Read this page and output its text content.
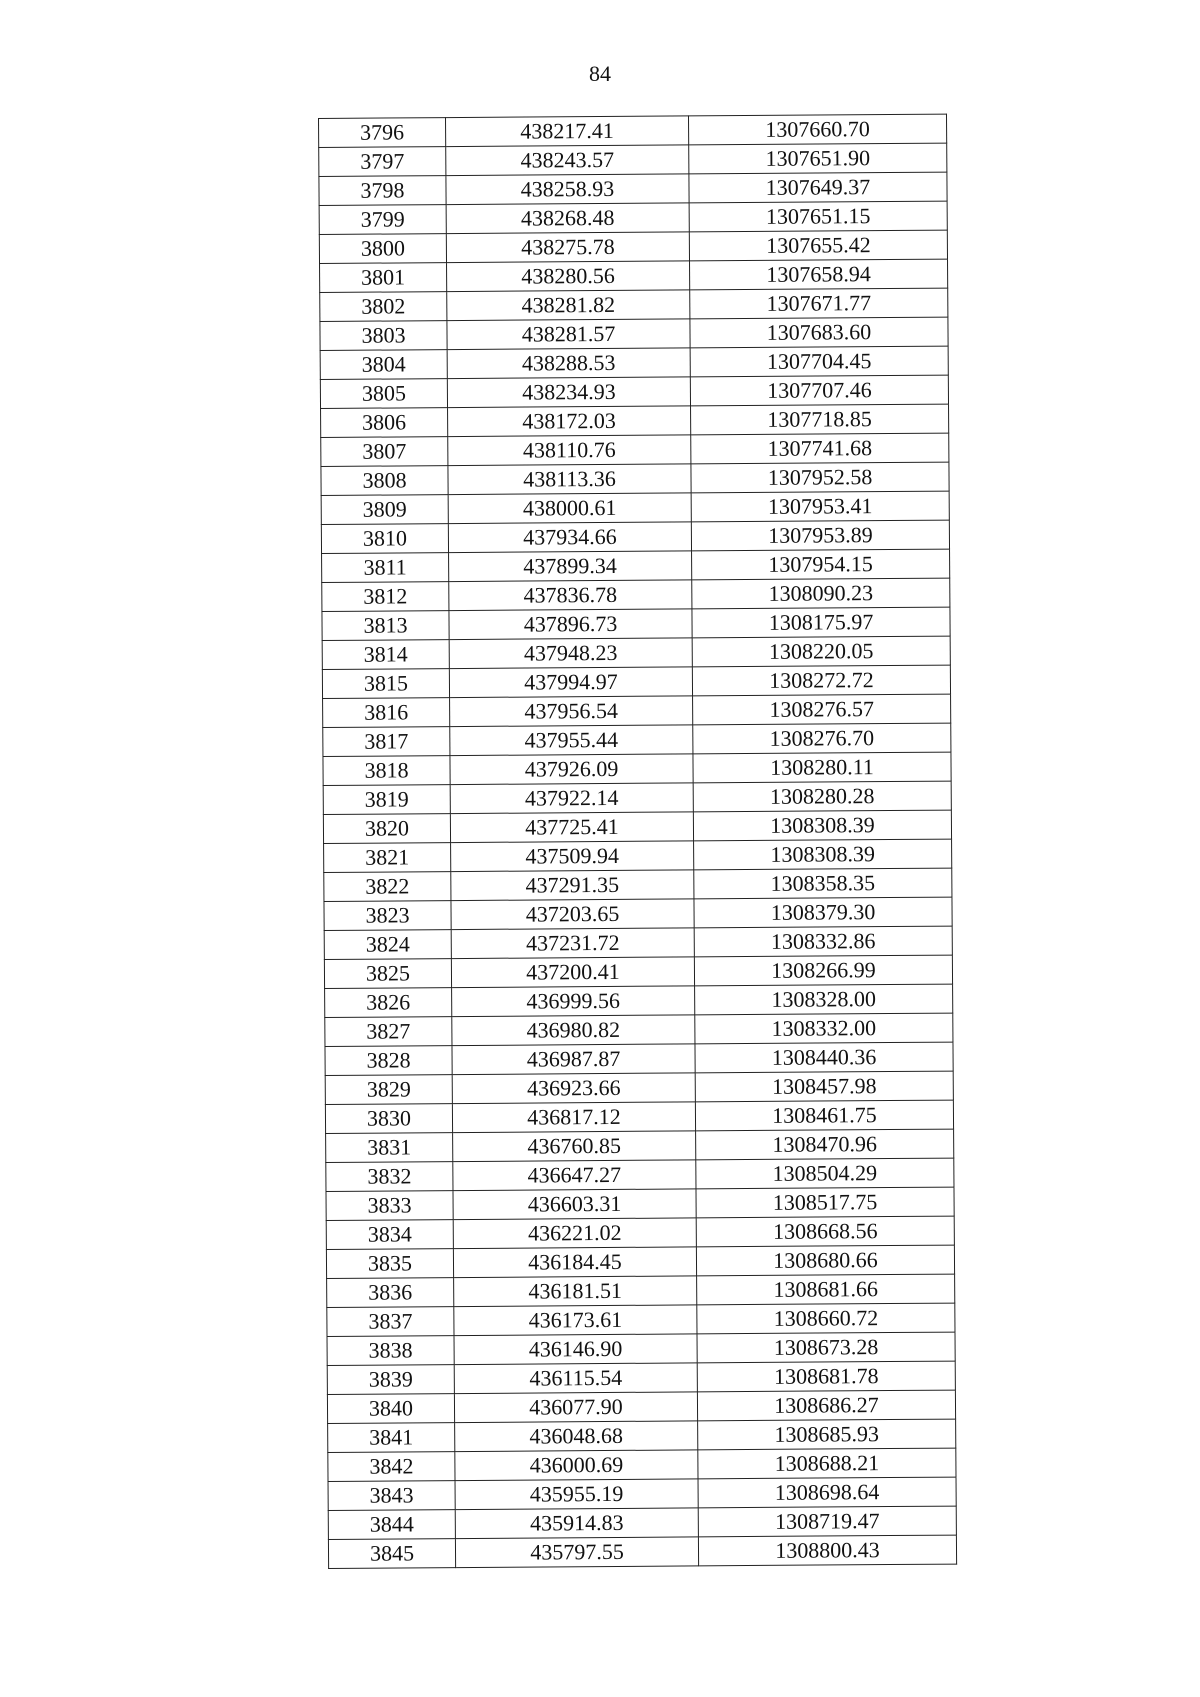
84
3796	438217.41	1307660.70
3797	438243.57	1307651.90
3798	438258.93	1307649.37
3799	438268.48	1307651.15
3800	438275.78	1307655.42
3801	438280.56	1307658.94
3802	438281.82	1307671.77
3803	438281.57	1307683.60
3804	438288.53	1307704.45
3805	438234.93	1307707.46
3806	438172.03	1307718.85
3807	438110.76	1307741.68
3808	438113.36	1307952.58
3809	438000.61	1307953.41
3810	437934.66	1307953.89
3811	437899.34	1307954.15
3812	437836.78	1308090.23
3813	437896.73	1308175.97
3814	437948.23	1308220.05
3815	437994.97	1308272.72
3816	437956.54	1308276.57
3817	437955.44	1308276.70
3818	437926.09	1308280.11
3819	437922.14	1308280.28
3820	437725.41	1308308.39
3821	437509.94	1308308.39
3822	437291.35	1308358.35
3823	437203.65	1308379.30
3824	437231.72	1308332.86
3825	437200.41	1308266.99
3826	436999.56	1308328.00
3827	436980.82	1308332.00
3828	436987.87	1308440.36
3829	436923.66	1308457.98
3830	436817.12	1308461.75
3831	436760.85	1308470.96
3832	436647.27	1308504.29
3833	436603.31	1308517.75
3834	436221.02	1308668.56
3835	436184.45	1308680.66
3836	436181.51	1308681.66
3837	436173.61	1308660.72
3838	436146.90	1308673.28
3839	436115.54	1308681.78
3840	436077.90	1308686.27
3841	436048.68	1308685.93
3842	436000.69	1308688.21
3843	435955.19	1308698.64
3844	435914.83	1308719.47
3845	435797.55	1308800.43
